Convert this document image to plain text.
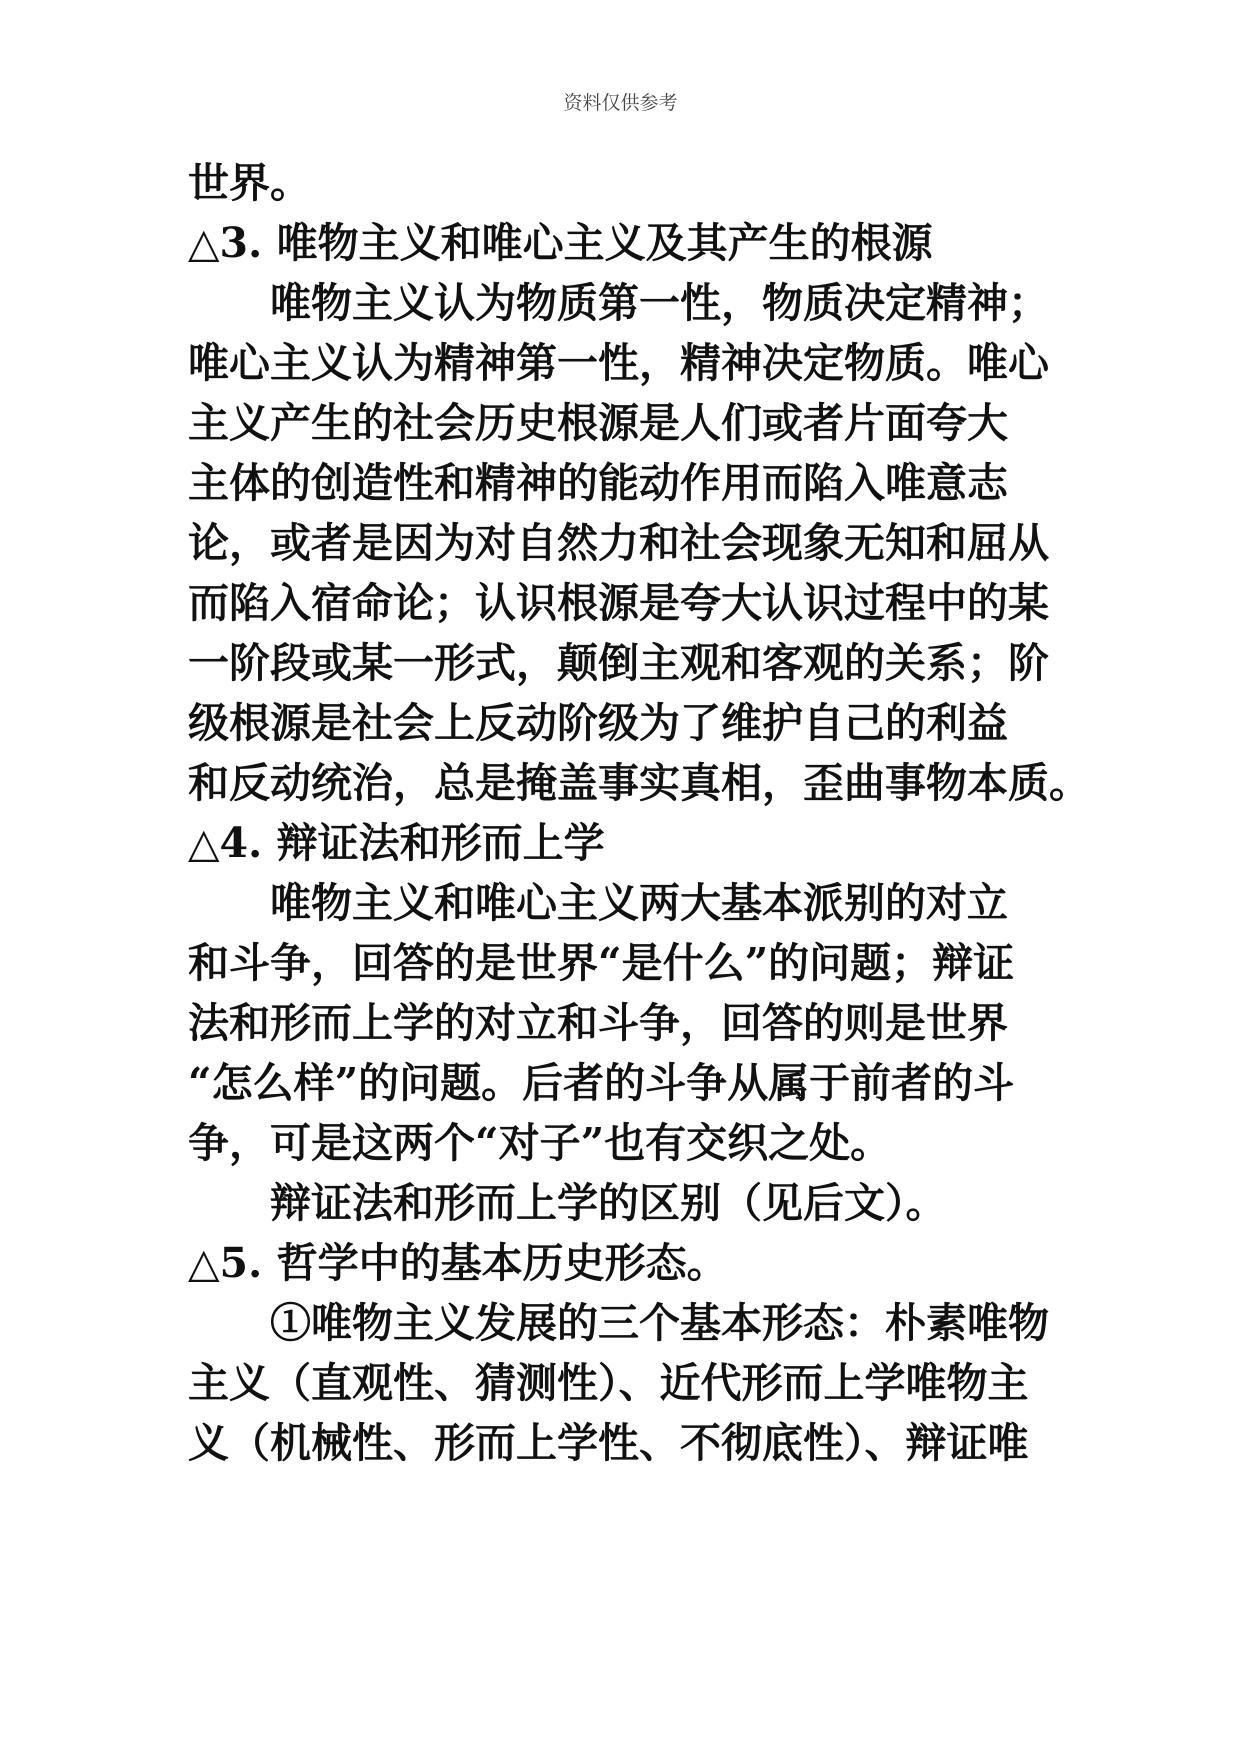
资料仅供参考
世界。
△3. 唯物主义和唯心主义及其产生的根源
唯物主义认为物质第一性，物质决定精神；
唯心主义认为精神第一性，精神决定物质。唯心
主义产生的社会历史根源是人们或者片面夸大
主体的创造性和精神的能动作用而陷入唯意志
论，或者是因为对自然力和社会现象无知和屈从
而陷入宿命论；认识根源是夸大认识过程中的某
一阶段或某一形式，颠倒主观和客观的关系；阶
级根源是社会上反动阶级为了维护自己的利益
和反动统治，总是掩盖事实真相，歪曲事物本质。
△4. 辩证法和形而上学
唯物主义和唯心主义两大基本派别的对立
和斗争，回答的是世界“是什么”的问题；辩证
法和形而上学的对立和斗争，回答的则是世界
“怎么样”的问题。后者的斗争从属于前者的斗
争，可是这两个“对子”也有交织之处。
辩证法和形而上学的区别（见后文）。
△5. 哲学中的基本历史形态。
①唯物主义发展的三个基本形态：朴素唯物
主义（直观性、猜测性）、近代形而上学唯物主
义（机械性、形而上学性、不彻底性）、辩证唯
